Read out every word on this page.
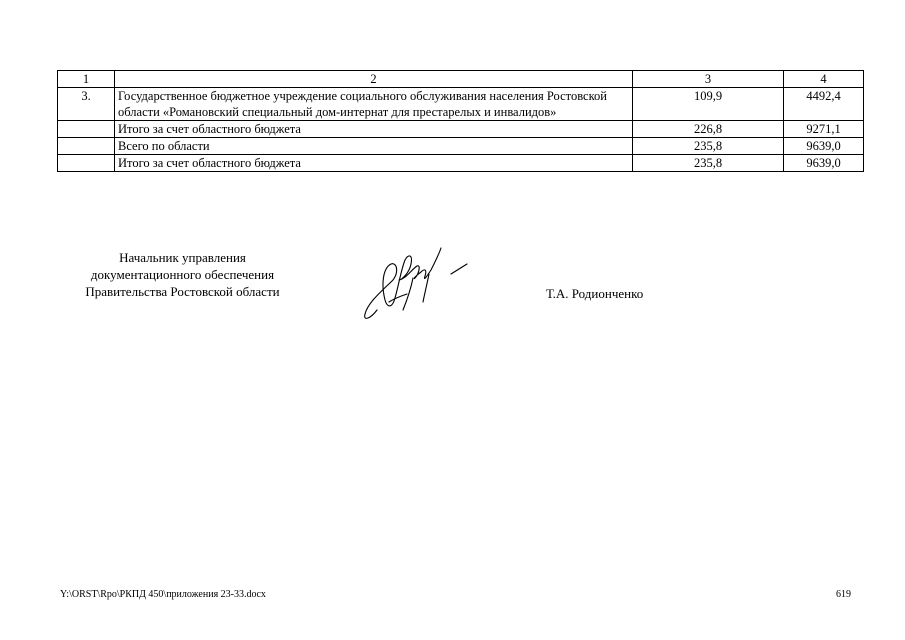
1	2	3	4
3.	Государственное бюджетное учреждение социального обслуживания населения Ростовской области «Романовский специальный дом-интернат для престарелых и инвалидов»	109,9	4492,4
	Итого за счет областного бюджета	226,8	9271,1
	Всего по области	235,8	9639,0
	Итого за счет областного бюджета	235,8	9639,0
Начальник управления
документационного обеспечения
Правительства Ростовской области	Т.А. Родионченко
Y:\ORST\Rpo\РКПД 450\приложения 23-33.docx	619
